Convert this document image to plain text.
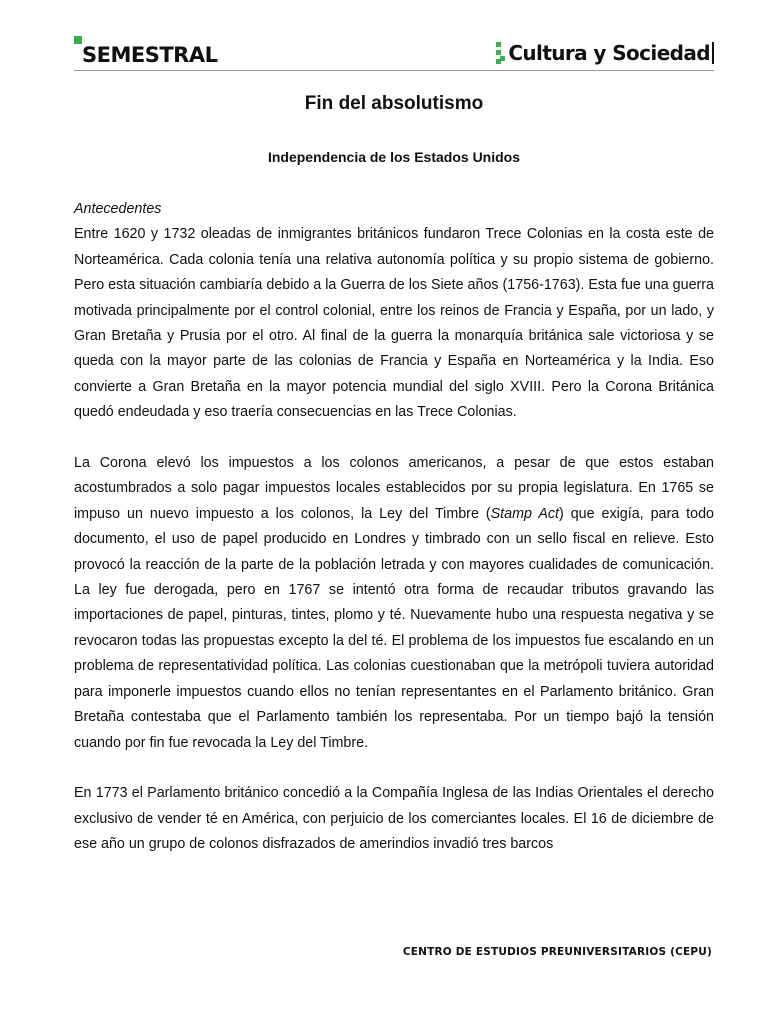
SEMESTRAL	Cultura y Sociedad
Fin del absolutismo
Independencia de los Estados Unidos

Antecedentes
Entre 1620 y 1732 oleadas de inmigrantes británicos fundaron Trece Colonias en la costa este de Norteamérica. Cada colonia tenía una relativa autonomía política y su propio sistema de gobierno. Pero esta situación cambiaría debido a la Guerra de los Siete años (1756-1763). Esta fue una guerra motivada principalmente por el control colonial, entre los reinos de Francia y España, por un lado, y Gran Bretaña y Prusia por el otro. Al final de la guerra la monarquía británica sale victoriosa y se queda con la mayor parte de las colonias de Francia y España en Norteamérica y la India. Eso convierte a Gran Bretaña en la mayor potencia mundial del siglo XVIII. Pero la Corona Británica quedó endeudada y eso traería consecuencias en las Trece Colonias.

La Corona elevó los impuestos a los colonos americanos, a pesar de que estos estaban acostumbrados a solo pagar impuestos locales establecidos por su propia legislatura. En 1765 se impuso un nuevo impuesto a los colonos, la Ley del Timbre (Stamp Act) que exigía, para todo documento, el uso de papel producido en Londres y timbrado con un sello fiscal en relieve. Esto provocó la reacción de la parte de la población letrada y con mayores cualidades de comunicación. La ley fue derogada, pero en 1767 se intentó otra forma de recaudar tributos gravando las importaciones de papel, pinturas, tintes, plomo y té. Nuevamente hubo una respuesta negativa y se revocaron todas las propuestas excepto la del té. El problema de los impuestos fue escalando en un problema de representatividad política. Las colonias cuestionaban que la metrópoli tuviera autoridad para imponerle impuestos cuando ellos no tenían representantes en el Parlamento británico. Gran Bretaña contestaba que el Parlamento también los representaba. Por un tiempo bajó la tensión cuando por fin fue revocada la Ley del Timbre.

En 1773 el Parlamento británico concedió a la Compañía Inglesa de las Indias Orientales el derecho exclusivo de vender té en América, con perjuicio de los comerciantes locales. El 16 de diciembre de ese año un grupo de colonos disfrazados de amerindios invadió tres barcos

CENTRO DE ESTUDIOS PREUNIVERSITARIOS (CEPU)
